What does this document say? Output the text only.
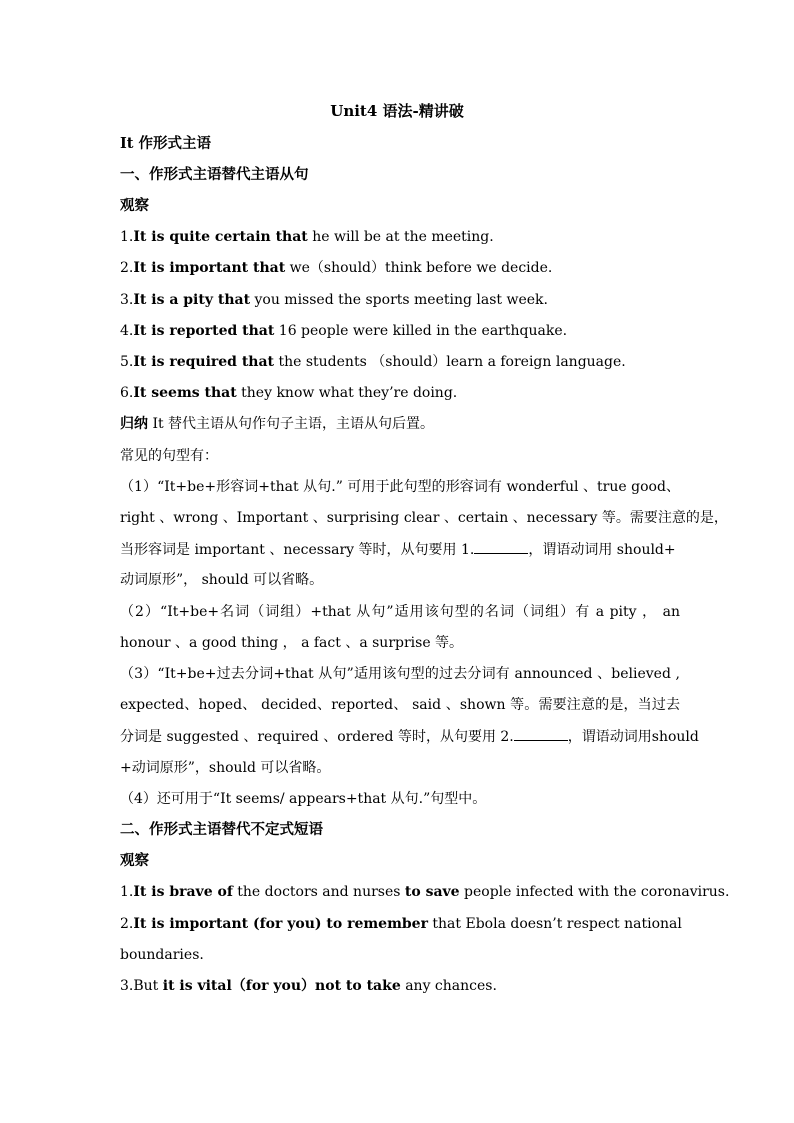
Unit4 语法-精讲破
It 作形式主语
一、作形式主语替代主语从句
观察
1.It is quite certain that he will be at the meeting.
2.It is important that we（should）think before we decide.
3.It is a pity that you missed the sports meeting last week.
4.It is reported that 16 people were killed in the earthquake.
5.It is required that the students （should）learn a foreign language.
6.It seems that they know what they’re doing.
归纳 It 替代主语从句作句子主语，主语从句后置。
常见的句型有：
（1）“It+be+形容词+that 从句.” 可用于此句型的形容词有 wonderful 、true good、
right 、wrong 、Important 、surprising clear 、certain 、necessary 等。需要注意的是，
当形容词是 important 、necessary 等时，从句要用 1.	，谓语动词用 should+
动词原形”， should 可以省略。
（2）“It+be+名词（词组）+that 从句”适用该句型的名词（词组）有 a pity ， an
honour 、a good thing ， a fact 、a surprise 等。
（3）“It+be+过去分词+that 从句”适用该句型的过去分词有 announced 、believed ,
expected、hoped、 decided、reported、 said 、shown 等。需要注意的是，当过去
分词是 suggested 、required 、ordered 等时，从句要用 2.	，谓语动词用should
+动词原形”，should 可以省略。
（4）还可用于“It seems/ appears+that 从句.”句型中。
二、作形式主语替代不定式短语
观察
1.It is brave of the doctors and nurses to save people infected with the coronavirus.
2.It is important (for you) to remember that Ebola doesn’t respect national
boundaries.
3.But it is vital（for you）not to take any chances.
